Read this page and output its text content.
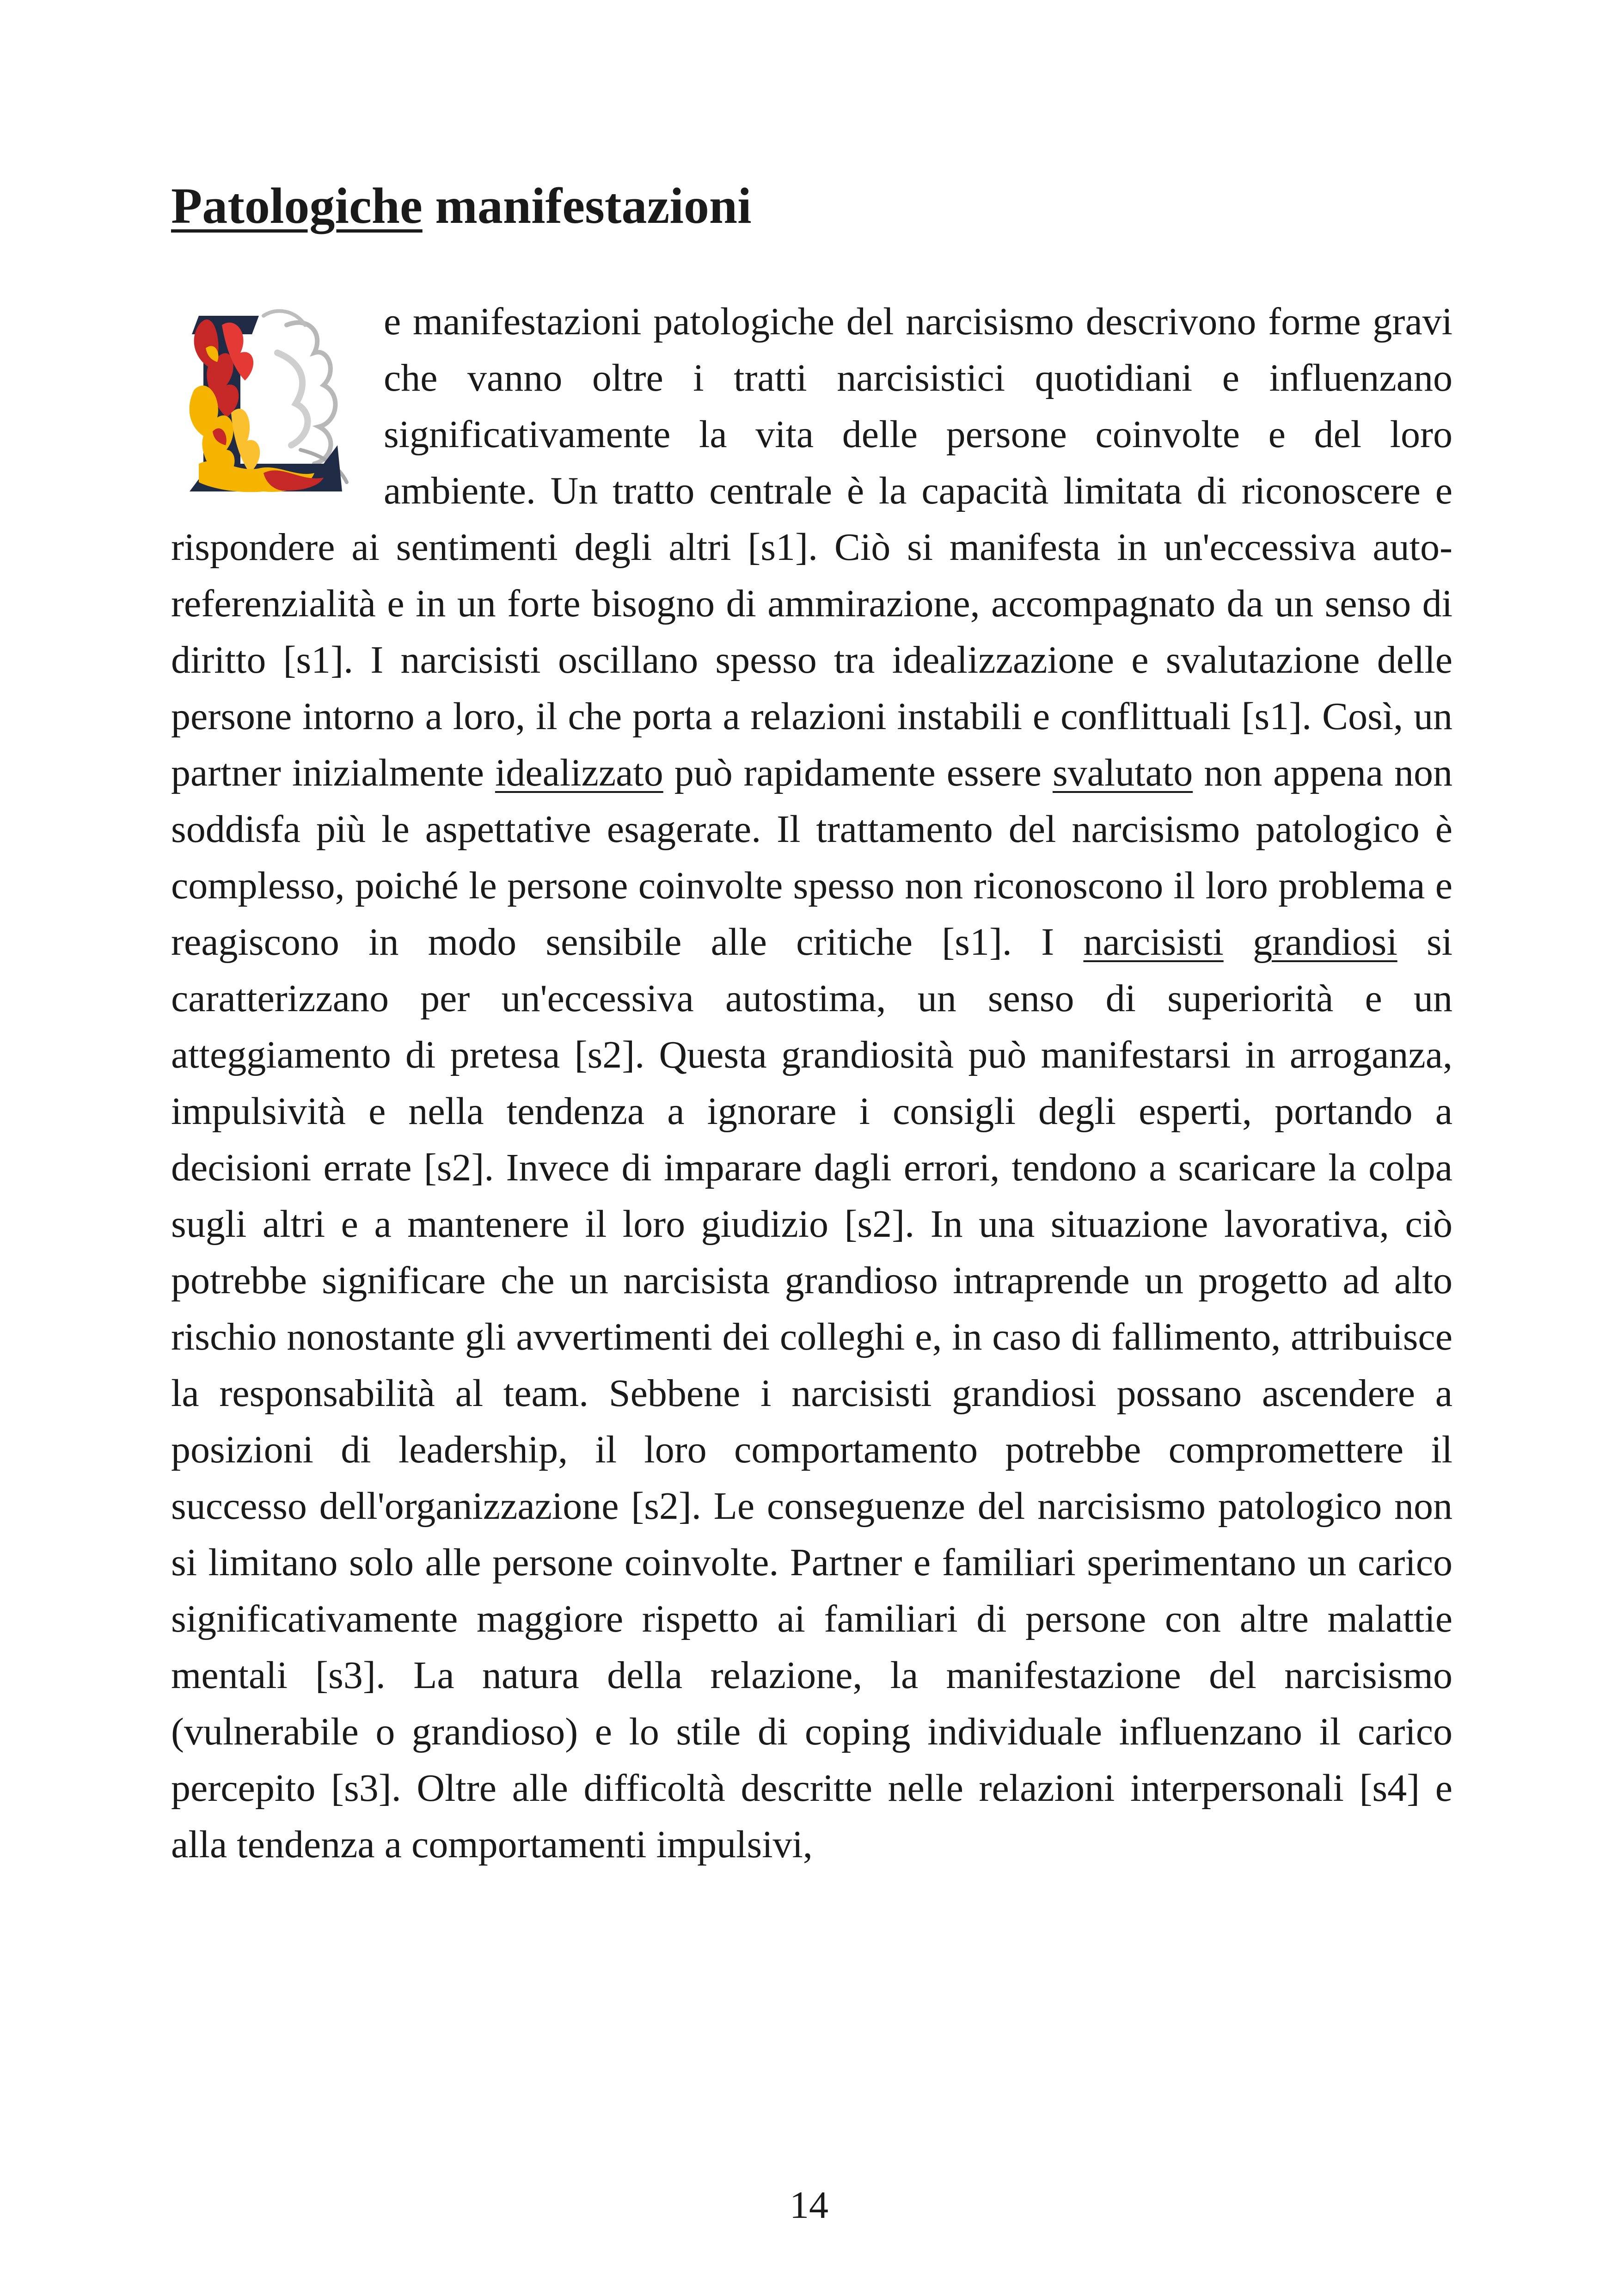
Patologiche manifestazioni

e manifestazioni patologiche del narcisismo descrivono forme gravi che vanno oltre i tratti narcisistici quotidiani e influenzano significativamente la vita delle persone coinvolte e del loro ambiente. Un tratto centrale è la capacità limitata di riconoscere e rispondere ai sentimenti degli altri [s1]. Ciò si manifesta in un'eccessiva auto-referenzialità e in un forte bisogno di ammirazione, accompagnato da un senso di diritto [s1]. I narcisisti oscillano spesso tra idealizzazione e svalutazione delle persone intorno a loro, il che porta a relazioni instabili e conflittuali [s1]. Così, un partner inizialmente idealizzato può rapidamente essere svalutato non appena non soddisfa più le aspettative esagerate. Il trattamento del narcisismo patologico è complesso, poiché le persone coinvolte spesso non riconoscono il loro problema e reagiscono in modo sensibile alle critiche [s1]. I narcisisti grandiosi si caratterizzano per un'eccessiva autostima, un senso di superiorità e un atteggiamento di pretesa [s2]. Questa grandiosità può manifestarsi in arroganza, impulsività e nella tendenza a ignorare i consigli degli esperti, portando a decisioni errate [s2]. Invece di imparare dagli errori, tendono a scaricare la colpa sugli altri e a mantenere il loro giudizio [s2]. In una situazione lavorativa, ciò potrebbe significare che un narcisista grandioso intraprende un progetto ad alto rischio nonostante gli avvertimenti dei colleghi e, in caso di fallimento, attribuisce la responsabilità al team. Sebbene i narcisisti grandiosi possano ascendere a posizioni di leadership, il loro comportamento potrebbe compromettere il successo dell'organizzazione [s2]. Le conseguenze del narcisismo patologico non si limitano solo alle persone coinvolte. Partner e familiari sperimentano un carico significativamente maggiore rispetto ai familiari di persone con altre malattie mentali [s3]. La natura della relazione, la manifestazione del narcisismo (vulnerabile o grandioso) e lo stile di coping individuale influenzano il carico percepito [s3]. Oltre alle difficoltà descritte nelle relazioni interpersonali [s4] e alla tendenza a comportamenti impulsivi,

14
